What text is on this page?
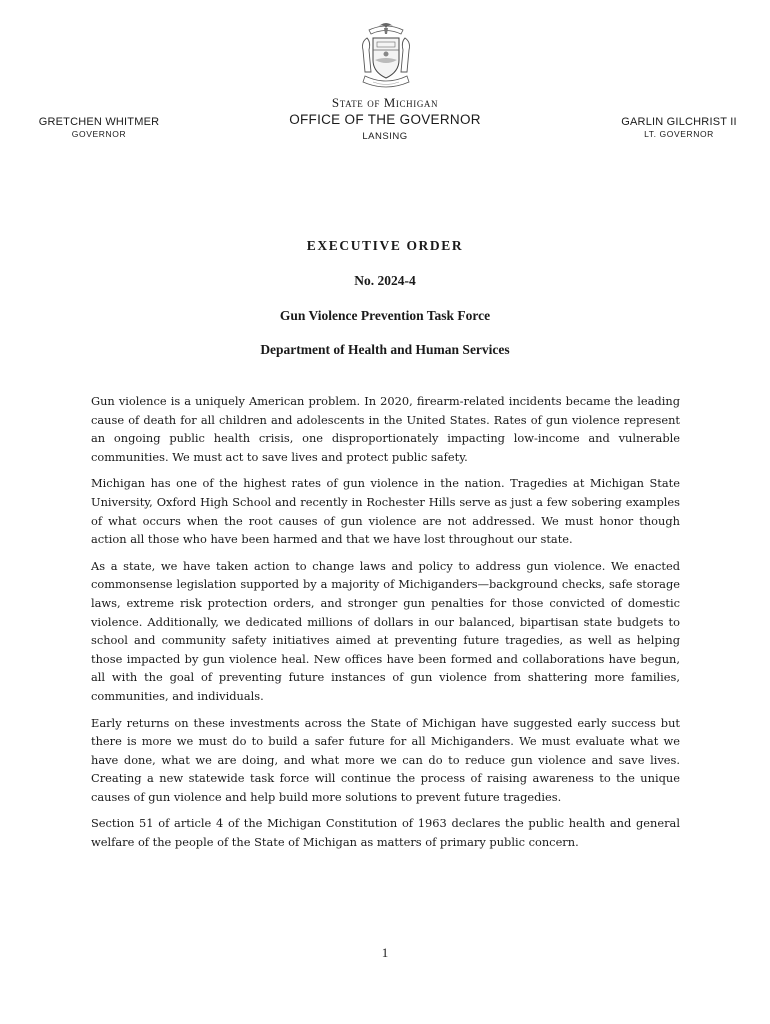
State of Michigan
OFFICE OF THE GOVERNOR
LANSING
GRETCHEN WHITMER
GOVERNOR
GARLIN GILCHRIST II
LT. GOVERNOR
EXECUTIVE ORDER
No. 2024-4
Gun Violence Prevention Task Force
Department of Health and Human Services

Gun violence is a uniquely American problem. In 2020, firearm-related incidents became the leading cause of death for all children and adolescents in the United States. Rates of gun violence represent an ongoing public health crisis, one disproportionately impacting low-income and vulnerable communities. We must act to save lives and protect public safety.

Michigan has one of the highest rates of gun violence in the nation. Tragedies at Michigan State University, Oxford High School and recently in Rochester Hills serve as just a few sobering examples of what occurs when the root causes of gun violence are not addressed. We must honor though action all those who have been harmed and that we have lost throughout our state.

As a state, we have taken action to change laws and policy to address gun violence. We enacted commonsense legislation supported by a majority of Michiganders—background checks, safe storage laws, extreme risk protection orders, and stronger gun penalties for those convicted of domestic violence. Additionally, we dedicated millions of dollars in our balanced, bipartisan state budgets to school and community safety initiatives aimed at preventing future tragedies, as well as helping those impacted by gun violence heal. New offices have been formed and collaborations have begun, all with the goal of preventing future instances of gun violence from shattering more families, communities, and individuals.

Early returns on these investments across the State of Michigan have suggested early success but there is more we must do to build a safer future for all Michiganders. We must evaluate what we have done, what we are doing, and what more we can do to reduce gun violence and save lives. Creating a new statewide task force will continue the process of raising awareness to the unique causes of gun violence and help build more solutions to prevent future tragedies.

Section 51 of article 4 of the Michigan Constitution of 1963 declares the public health and general welfare of the people of the State of Michigan as matters of primary public concern.

1
